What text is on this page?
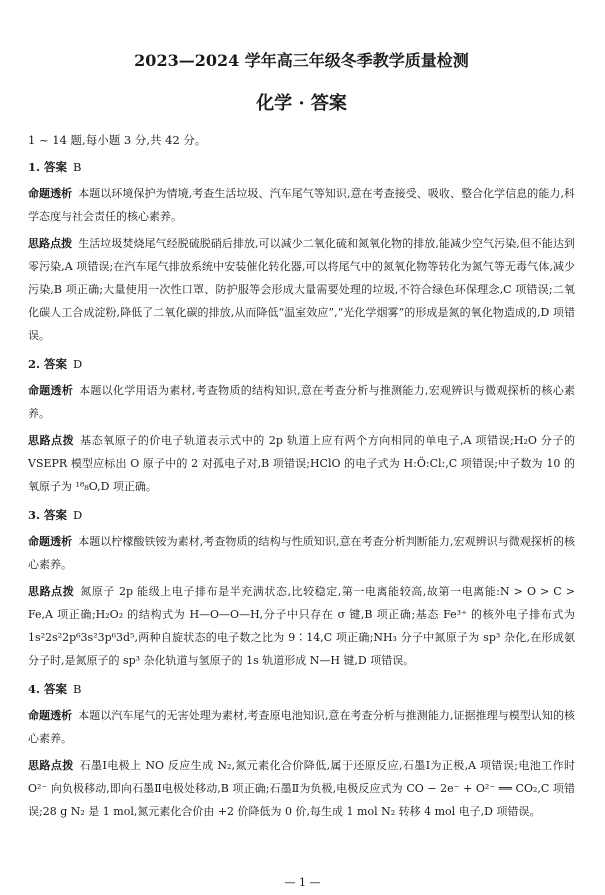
2023—2024 学年高三年级冬季教学质量检测
化学 · 答案
1 ~ 14 题,每小题 3 分,共 42 分。
1. 答案 B
命题透析 本题以环境保护为情境,考查生活垃圾、汽车尾气等知识,意在考查接受、吸收、整合化学信息的能力,科学态度与社会责任的核心素养。
思路点拨 生活垃圾焚烧尾气经脱硫脱硝后排放,可以减少二氧化硫和氮氧化物的排放,能减少空气污染,但不能达到零污染,A 项错误;在汽车尾气排放系统中安装催化转化器,可以将尾气中的氮氧化物等转化为氮气等无毒气体,减少污染,B 项正确;大量使用一次性口罩、防护服等会形成大量需要处理的垃圾,不符合绿色环保理念,C 项错误;二氧化碳人工合成淀粉,降低了二氧化碳的排放,从而降低“温室效应”,“光化学烟雾”的形成是氮的氧化物造成的,D 项错误。
2. 答案 D
命题透析 本题以化学用语为素材,考查物质的结构知识,意在考查分析与推测能力,宏观辨识与微观探析的核心素养。
思路点拨 基态氧原子的价电子轨道表示式中的 2p 轨道上应有两个方向相同的单电子,A 项错误;H₂O 分子的 VSEPR 模型应标出 O 原子中的 2 对孤电子对,B 项错误;HClO 的电子式为 H:Ö:Cl:,C 项错误;中子数为 10 的氧原子为 ¹⁸₈O,D 项正确。
3. 答案 D
命题透析 本题以柠檬酸铁铵为素材,考查物质的结构与性质知识,意在考查分析判断能力,宏观辨识与微观探析的核心素养。
思路点拨 氮原子 2p 能级上电子排布是半充满状态,比较稳定,第一电离能较高,故第一电离能:N > O > C > Fe,A 项正确;H₂O₂ 的结构式为 H—O—O—H,分子中只存在 σ 键,B 项正确;基态 Fe³⁺ 的核外电子排布式为 1s²2s²2p⁶3s²3p⁶3d⁵,两种自旋状态的电子数之比为 9∶14,C 项正确;NH₃ 分子中氮原子为 sp³ 杂化,在形成氨分子时,是氮原子的 sp³ 杂化轨道与氢原子的 1s 轨道形成 N—H 键,D 项错误。
4. 答案 B
命题透析 本题以汽车尾气的无害处理为素材,考查原电池知识,意在考查分析与推测能力,证据推理与模型认知的核心素养。
思路点拨 石墨Ⅰ电极上 NO 反应生成 N₂,氮元素化合价降低,属于还原反应,石墨Ⅰ为正极,A 项错误;电池工作时 O²⁻ 向负极移动,即向石墨Ⅱ电极处移动,B 项正确;石墨Ⅱ为负极,电极反应式为 CO − 2e⁻ + O²⁻ ══ CO₂,C 项错误;28 g N₂ 是 1 mol,氮元素化合价由 +2 价降低为 0 价,每生成 1 mol N₂ 转移 4 mol 电子,D 项错误。
— 1 —
